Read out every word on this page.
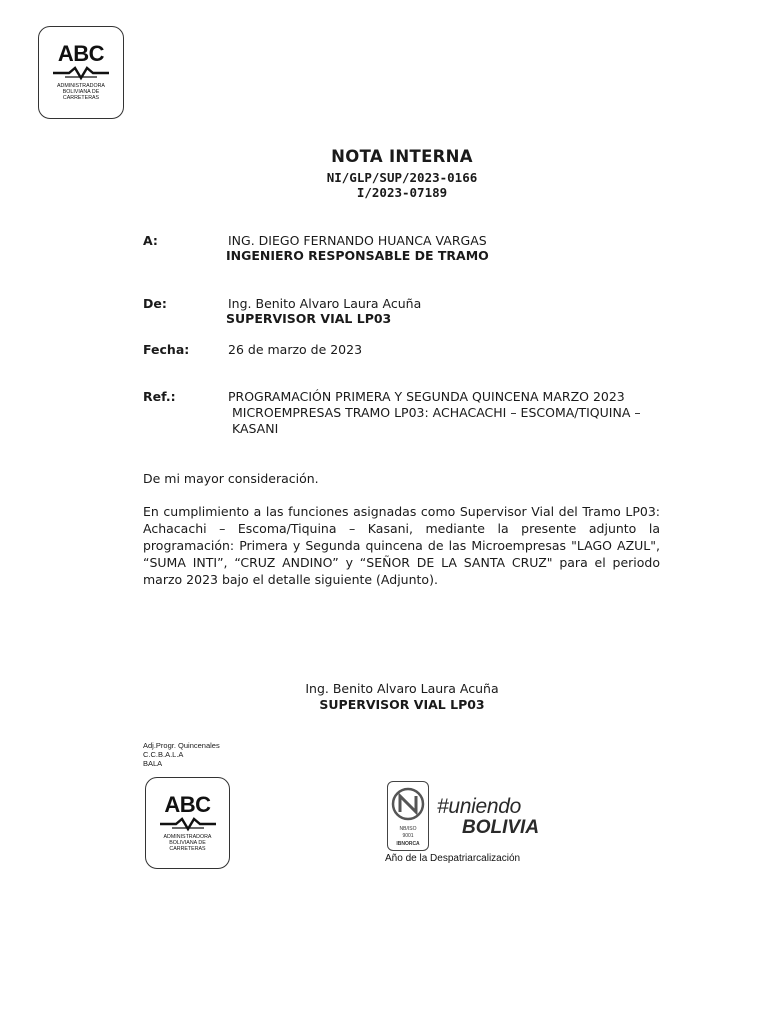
ABC
ADMINISTRADORA
BOLIVIANA DE
CARRETERAS
NOTA INTERNA
NI/GLP/SUP/2023-0166
I/2023-07189
A:	ING. DIEGO FERNANDO HUANCA VARGAS
INGENIERO RESPONSABLE DE TRAMO
De:	Ing. Benito Alvaro Laura Acuña
SUPERVISOR VIAL LP03
Fecha:	26 de marzo de 2023
Ref.:	PROGRAMACIÓN PRIMERA Y SEGUNDA QUINCENA MARZO 2023
MICROEMPRESAS TRAMO LP03: ACHACACHI – ESCOMA/TIQUINA –
KASANI
De mi mayor consideración.
En cumplimiento a las funciones asignadas como Supervisor Vial del Tramo LP03: Achacachi – Escoma/Tiquina – Kasani, mediante la presente adjunto la programación: Primera y Segunda quincena de las Microempresas "LAGO AZUL", “SUMA INTI”, “CRUZ ANDINO” y “SEÑOR DE LA SANTA CRUZ" para el periodo marzo 2023 bajo el detalle siguiente (Adjunto).
Ing. Benito Alvaro Laura Acuña
SUPERVISOR VIAL LP03
Adj.Progr. Quincenales
C.C.B.A.L.A
BALA
ABC
ADMINISTRADORA
BOLIVIANA DE
CARRETERAS
NB/ISO
9001
IBNORCA
#uniendo
BOLIVIA
Año de la Despatriarcalización
